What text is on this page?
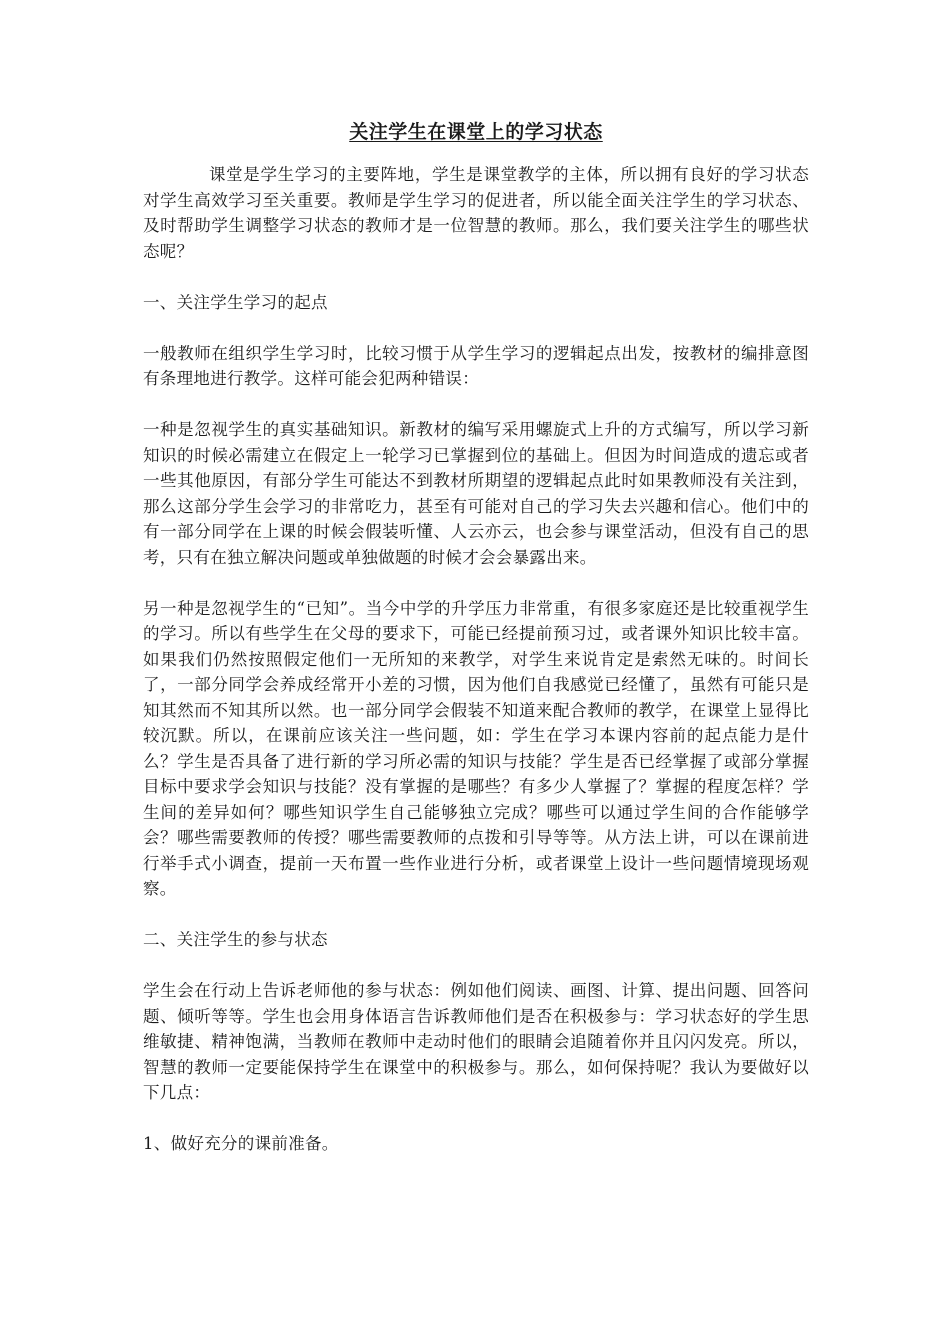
关注学生在课堂上的学习状态

课堂是学生学习的主要阵地，学生是课堂教学的主体，所以拥有良好的学习状态对学生高效学习至关重要。教师是学生学习的促进者，所以能全面关注学生的学习状态、及时帮助学生调整学习状态的教师才是一位智慧的教师。那么，我们要关注学生的哪些状态呢？

一、关注学生学习的起点

一般教师在组织学生学习时，比较习惯于从学生学习的逻辑起点出发，按教材的编排意图有条理地进行教学。这样可能会犯两种错误：

一种是忽视学生的真实基础知识。新教材的编写采用螺旋式上升的方式编写，所以学习新知识的时候必需建立在假定上一轮学习已掌握到位的基础上。但因为时间造成的遗忘或者一些其他原因，有部分学生可能达不到教材所期望的逻辑起点此时如果教师没有关注到，那么这部分学生会学习的非常吃力，甚至有可能对自己的学习失去兴趣和信心。他们中的有一部分同学在上课的时候会假装听懂、人云亦云，也会参与课堂活动，但没有自己的思考，只有在独立解决问题或单独做题的时候才会会暴露出来。

另一种是忽视学生的“已知”。当今中学的升学压力非常重，有很多家庭还是比较重视学生的学习。所以有些学生在父母的要求下，可能已经提前预习过，或者课外知识比较丰富。如果我们仍然按照假定他们一无所知的来教学，对学生来说肯定是索然无味的。时间长了，一部分同学会养成经常开小差的习惯，因为他们自我感觉已经懂了，虽然有可能只是知其然而不知其所以然。也一部分同学会假装不知道来配合教师的教学，在课堂上显得比较沉默。所以，在课前应该关注一些问题，如：学生在学习本课内容前的起点能力是什么？学生是否具备了进行新的学习所必需的知识与技能？学生是否已经掌握了或部分掌握目标中要求学会知识与技能？没有掌握的是哪些？有多少人掌握了？掌握的程度怎样？学生间的差异如何？哪些知识学生自己能够独立完成？哪些可以通过学生间的合作能够学会？哪些需要教师的传授？哪些需要教师的点拨和引导等等。从方法上讲，可以在课前进行举手式小调查，提前一天布置一些作业进行分析，或者课堂上设计一些问题情境现场观察。

二、关注学生的参与状态

学生会在行动上告诉老师他的参与状态：例如他们阅读、画图、计算、提出问题、回答问题、倾听等等。学生也会用身体语言告诉教师他们是否在积极参与：学习状态好的学生思维敏捷、精神饱满，当教师在教师中走动时他们的眼睛会追随着你并且闪闪发亮。所以，智慧的教师一定要能保持学生在课堂中的积极参与。那么，如何保持呢？我认为要做好以下几点：

1、做好充分的课前准备。
